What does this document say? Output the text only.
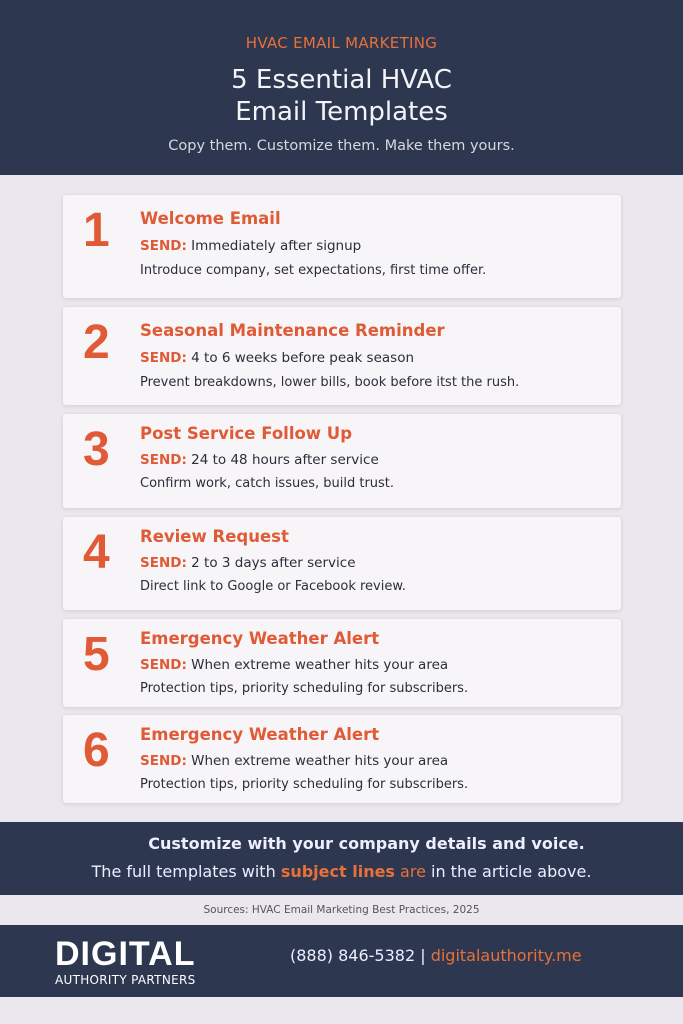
HVAC EMAIL MARKETING
5 Essential HVAC
Email Templates
Copy them. Customize them. Make them yours.
1 Welcome Email
SEND: Immediately after signup
Introduce company, set expectations, first time offer.
2 Seasonal Maintenance Reminder
SEND: 4 to 6 weeks before peak season
Prevent breakdowns, lower bills, book before itst the rush.
3 Post Service Follow Up
SEND: 24 to 48 hours after service
Confirm work, catch issues, build trust.
4 Review Request
SEND: 2 to 3 days after service
Direct link to Google or Facebook review.
5 Emergency Weather Alert
SEND: When extreme weather hits your area
Protection tips, priority scheduling for subscribers.
6 Emergency Weather Alert
SEND: When extreme weather hits your area
Protection tips, priority scheduling for subscribers.
Customize with your company details and voice.
The full templates with subject lines are in the article above.
Sources: HVAC Email Marketing Best Practices, 2025
DIGITAL
AUTHORITY PARTNERS
(888) 846-5382 | digitalauthority.me
